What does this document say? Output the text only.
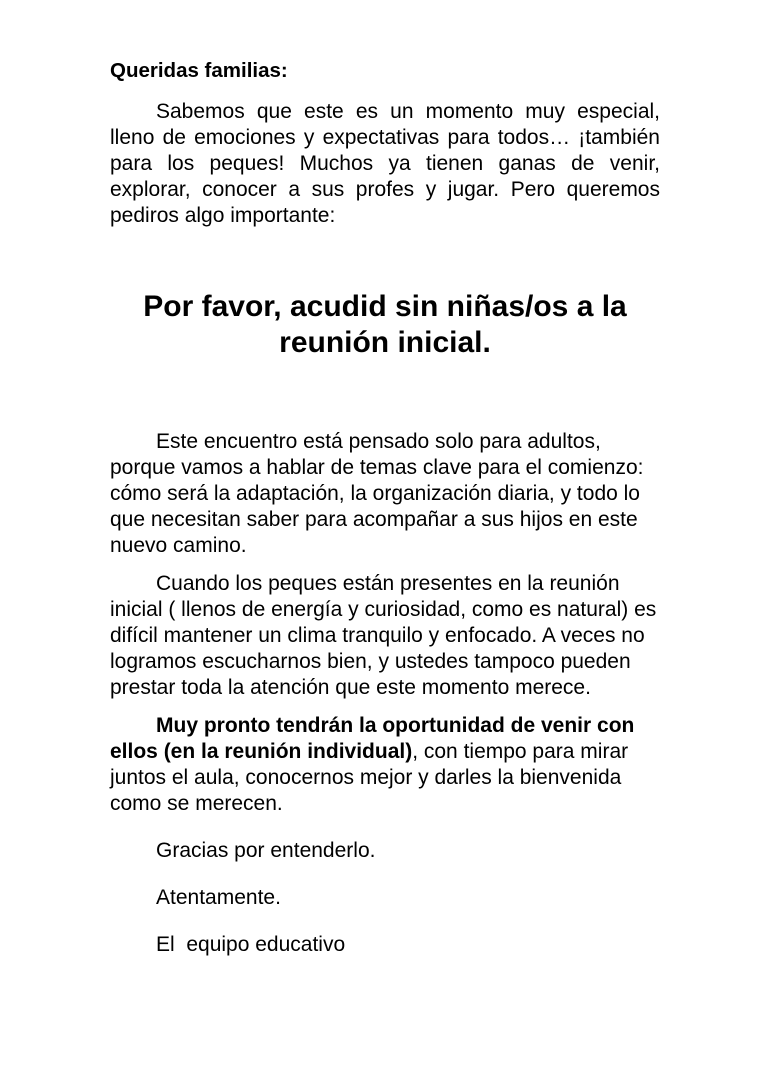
Queridas familias:

Sabemos que este es un momento muy especial, lleno de emociones y expectativas para todos… ¡también para los peques! Muchos ya tienen ganas de venir, explorar, conocer a sus profes y jugar. Pero queremos pediros algo importante:

Por favor, acudid sin niñas/os a la reunión inicial.

Este encuentro está pensado solo para adultos, porque vamos a hablar de temas clave para el comienzo: cómo será la adaptación, la organización diaria, y todo lo que necesitan saber para acompañar a sus hijos en este nuevo camino.

Cuando los peques están presentes en la reunión inicial ( llenos de energía y curiosidad, como es natural) es difícil mantener un clima tranquilo y enfocado. A veces no logramos escucharnos bien, y ustedes tampoco pueden prestar toda la atención que este momento merece.

Muy pronto tendrán la oportunidad de venir con ellos (en la reunión individual), con tiempo para mirar juntos el aula, conocernos mejor y darles la bienvenida como se merecen.

Gracias por entenderlo.

Atentamente.

El  equipo educativo
